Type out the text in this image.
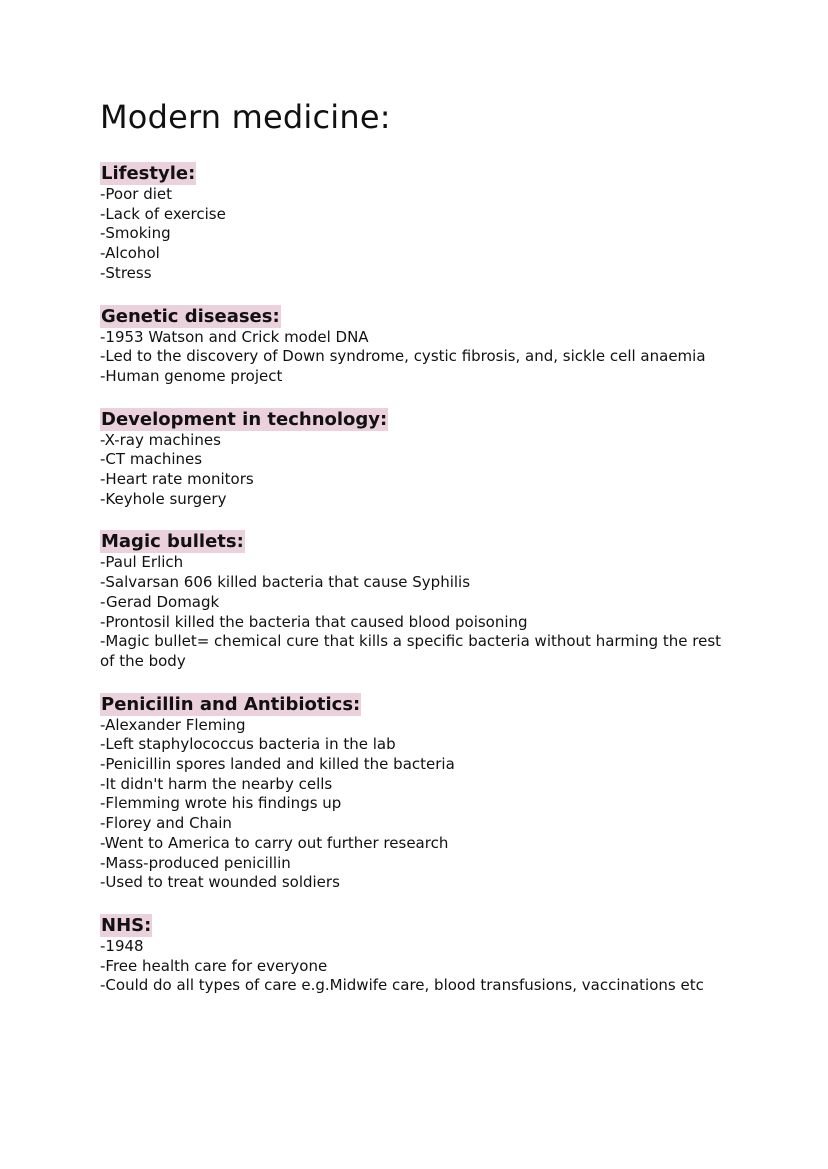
Modern medicine:
Lifestyle:
-Poor diet
-Lack of exercise
-Smoking
-Alcohol
-Stress
Genetic diseases:
-1953 Watson and Crick model DNA
-Led to the discovery of Down syndrome, cystic fibrosis, and, sickle cell anaemia
-Human genome project
Development in technology:
-X-ray machines
-CT machines
-Heart rate monitors
-Keyhole surgery
Magic bullets:
-Paul Erlich
-Salvarsan 606 killed bacteria that cause Syphilis
-Gerad Domagk
-Prontosil killed the bacteria that caused blood poisoning
-Magic bullet= chemical cure that kills a specific bacteria without harming the rest of the body
Penicillin and Antibiotics:
-Alexander Fleming
-Left staphylococcus bacteria in the lab
-Penicillin spores landed and killed the bacteria
-It didn't harm the nearby cells
-Flemming wrote his findings up
-Florey and Chain
-Went to America to carry out further research
-Mass-produced penicillin
-Used to treat wounded soldiers
NHS:
-1948
-Free health care for everyone
-Could do all types of care e.g.Midwife care, blood transfusions, vaccinations etc
